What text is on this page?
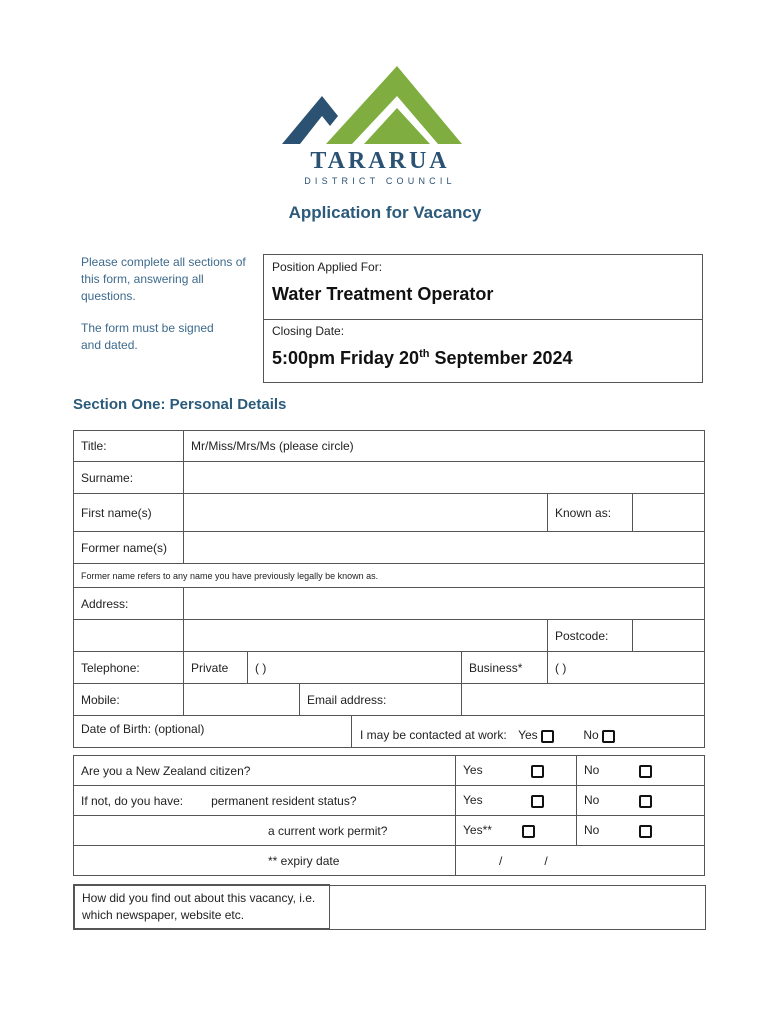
TARARUA
DISTRICT COUNCIL
Application for Vacancy
Please complete all sections of this form, answering all questions.
The form must be signed and dated.
Position Applied For:
Water Treatment Operator
Closing Date:
5:00pm Friday 20th September 2024
Section One: Personal Details
Title:	Mr/Miss/Mrs/Ms (please circle)						
Surname:							
First name(s)						Known as:	
Former name(s)							
Former name refers to any name you have previously legally be known as.							
Address:							
						Postcode:	
Telephone:	Private	( )			Business*	( )	
Mobile:			Email address:				
Date of Birth: (optional)				I may be contacted at work: Yes No			
Are you a New Zealand citizen?	Yes	No
If not, do you have: permanent resident status?	Yes	No
a current work permit?	Yes**	No
** expiry date	/ /	
How did you find out about this vacancy, i.e. which newspaper, website etc.	
